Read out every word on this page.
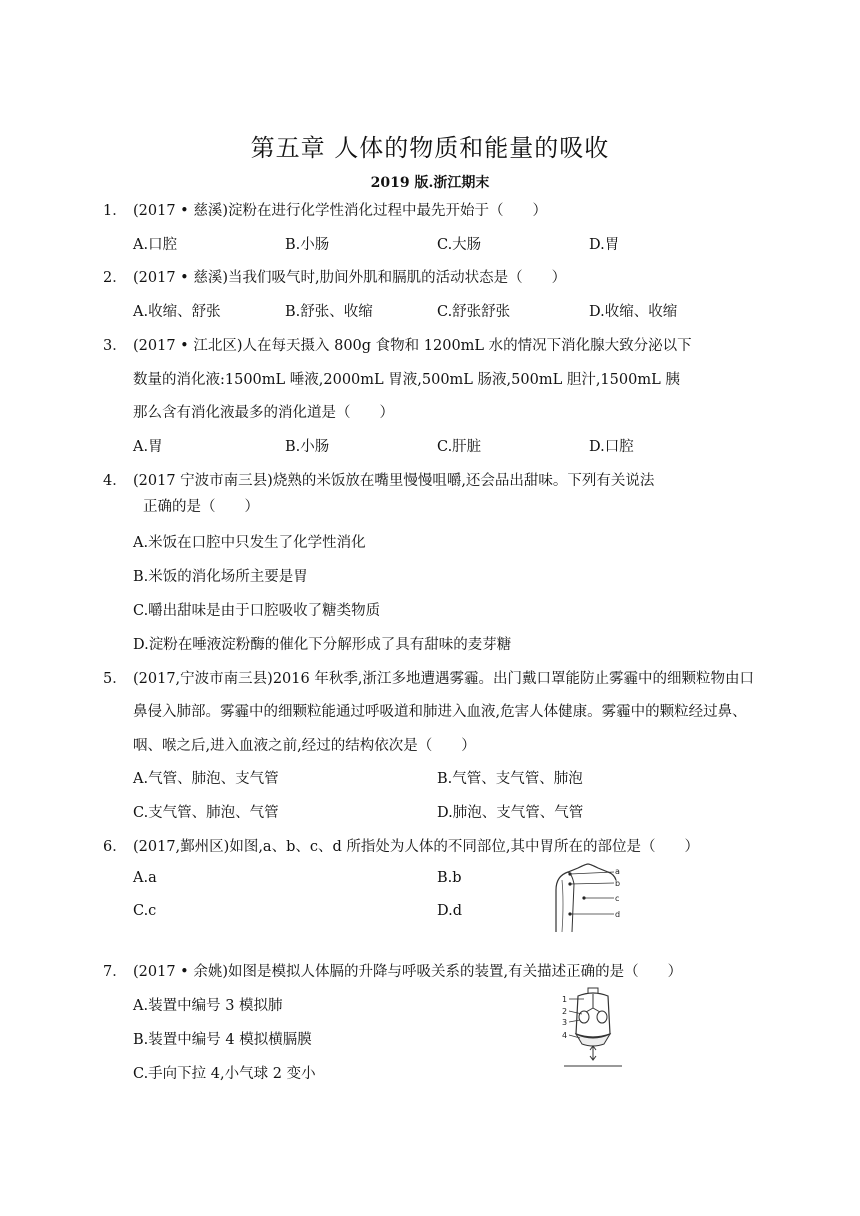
第五章 人体的物质和能量的吸收
2019 版.浙江期末
1． (2017 • 慈溪)淀粉在进行化学性消化过程中最先开始于（　　）
A.口腔	B.小肠	C.大肠	D.胃
2． (2017 • 慈溪)当我们吸气时,肋间外肌和膈肌的活动状态是（　　）
A.收缩、舒张	B.舒张、收缩	C.舒张舒张	D.收缩、收缩
3． (2017 • 江北区)人在每天摄入 800g 食物和 1200mL 水的情况下消化腺大致分泌以下
数量的消化液:1500mL 唾液,2000mL 胃液,500mL 肠液,500mL 胆汁,1500mL 胰
那么含有消化液最多的消化道是（　　）
A.胃	B.小肠	C.肝脏	D.口腔
4． (2017 宁波市南三县)烧熟的米饭放在嘴里慢慢咀嚼,还会品出甜味。下列有关说法
正确的是（　　）
A.米饭在口腔中只发生了化学性消化
B.米饭的消化场所主要是胃
C.嚼出甜味是由于口腔吸收了糖类物质
D.淀粉在唾液淀粉酶的催化下分解形成了具有甜味的麦芽糖
5． (2017,宁波市南三县)2016 年秋季,浙江多地遭遇雾霾。出门戴口罩能防止雾霾中的细颗粒物由口
鼻侵入肺部。雾霾中的细颗粒能通过呼吸道和肺进入血液,危害人体健康。雾霾中的颗粒经过鼻、
咽、喉之后,进入血液之前,经过的结构依次是（　　）
A.气管、肺泡、支气管	B.气管、支气管、肺泡
C.支气管、肺泡、气管	D.肺泡、支气管、气管
6． (2017,鄞州区)如图,a、b、c、d 所指处为人体的不同部位,其中胃所在的部位是（　　）
A.a	B.b
C.c	D.d
a
b
c
d
7． (2017 • 余姚)如图是模拟人体膈的升降与呼吸关系的装置,有关描述正确的是（　　）
A.装置中编号 3 模拟肺
B.装置中编号 4 模拟横膈膜
C.手向下拉 4,小气球 2 变小
1
2
3
4
